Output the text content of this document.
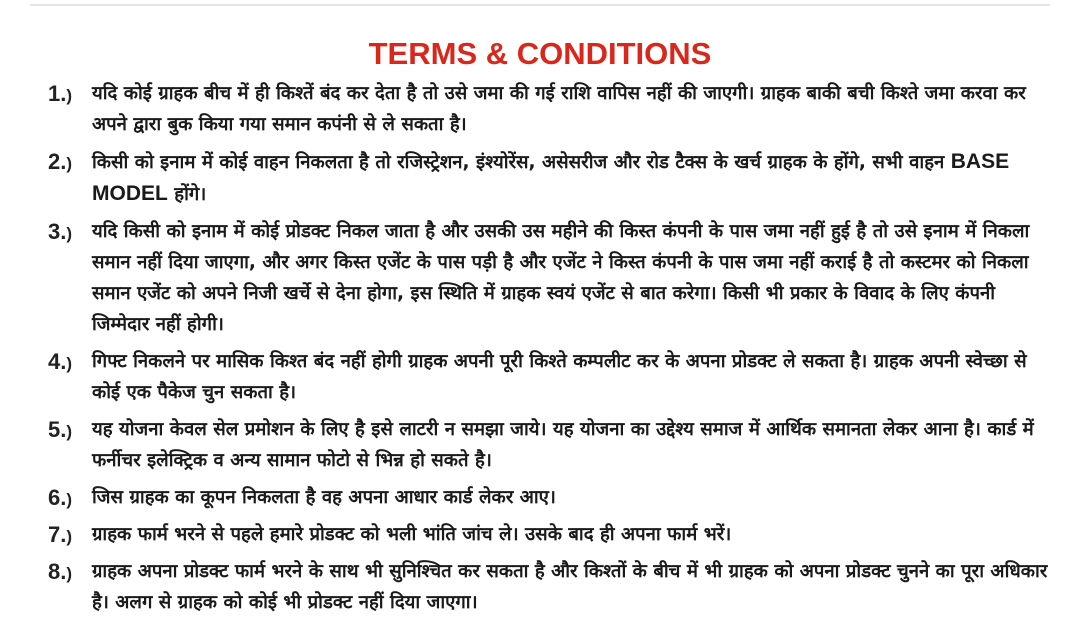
TERMS & CONDITIONS
1.) यदि कोई ग्राहक बीच में ही किश्तें बंद कर देता है तो उसे जमा की गई राशि वापिस नहीं की जाएगी। ग्राहक बाकी बची किश्ते जमा करवा कर अपने द्वारा बुक किया गया समान कपंनी से ले सकता है।
2.) किसी को इनाम में कोई वाहन निकलता है तो रजिस्ट्रेशन, इंश्योरेंस, असेसरीज और रोड टैक्स के खर्च ग्राहक के होंगे, सभी वाहन BASE MODEL होंगे।
3.) यदि किसी को इनाम में कोई प्रोडक्ट निकल जाता है और उसकी उस महीने की किस्त कंपनी के पास जमा नहीं हुई है तो उसे इनाम में निकला समान नहीं दिया जाएगा, और अगर किस्त एजेंट के पास पड़ी है और एजेंट ने किस्त कंपनी के पास जमा नहीं कराई है तो कस्टमर को निकला समान एजेंट को अपने निजी खर्चे से देना होगा, इस स्थिति में ग्राहक स्वयं एजेंट से बात करेगा। किसी भी प्रकार के विवाद के लिए कंपनी जिम्मेदार नहीं होगी।
4.) गिफ्ट निकलने पर मासिक किश्त बंद नहीं होगी ग्राहक अपनी पूरी किश्ते कम्पलीट कर के अपना प्रोडक्ट ले सकता है। ग्राहक अपनी स्वेच्छा से कोई एक पैकेज चुन सकता है।
5.) यह योजना केवल सेल प्रमोशन के लिए है इसे लाटरी न समझा जाये। यह योजना का उद्देश्य समाज में आर्थिक समानता लेकर आना है। कार्ड में फर्नीचर इलेक्ट्रिक व अन्य सामान फोटो से भिन्न हो सकते है।
6.) जिस ग्राहक का कूपन निकलता है वह अपना आधार कार्ड लेकर आए।
7.) ग्राहक फार्म भरने से पहले हमारे प्रोडक्ट को भली भांति जांच ले। उसके बाद ही अपना फार्म भरें।
8.) ग्राहक अपना प्रोडक्ट फार्म भरने के साथ भी सुनिश्चित कर सकता है और किश्तों के बीच में भी ग्राहक को अपना प्रोडक्ट चुनने का पूरा अधिकार है। अलग से ग्राहक को कोई भी प्रोडक्ट नहीं दिया जाएगा।
